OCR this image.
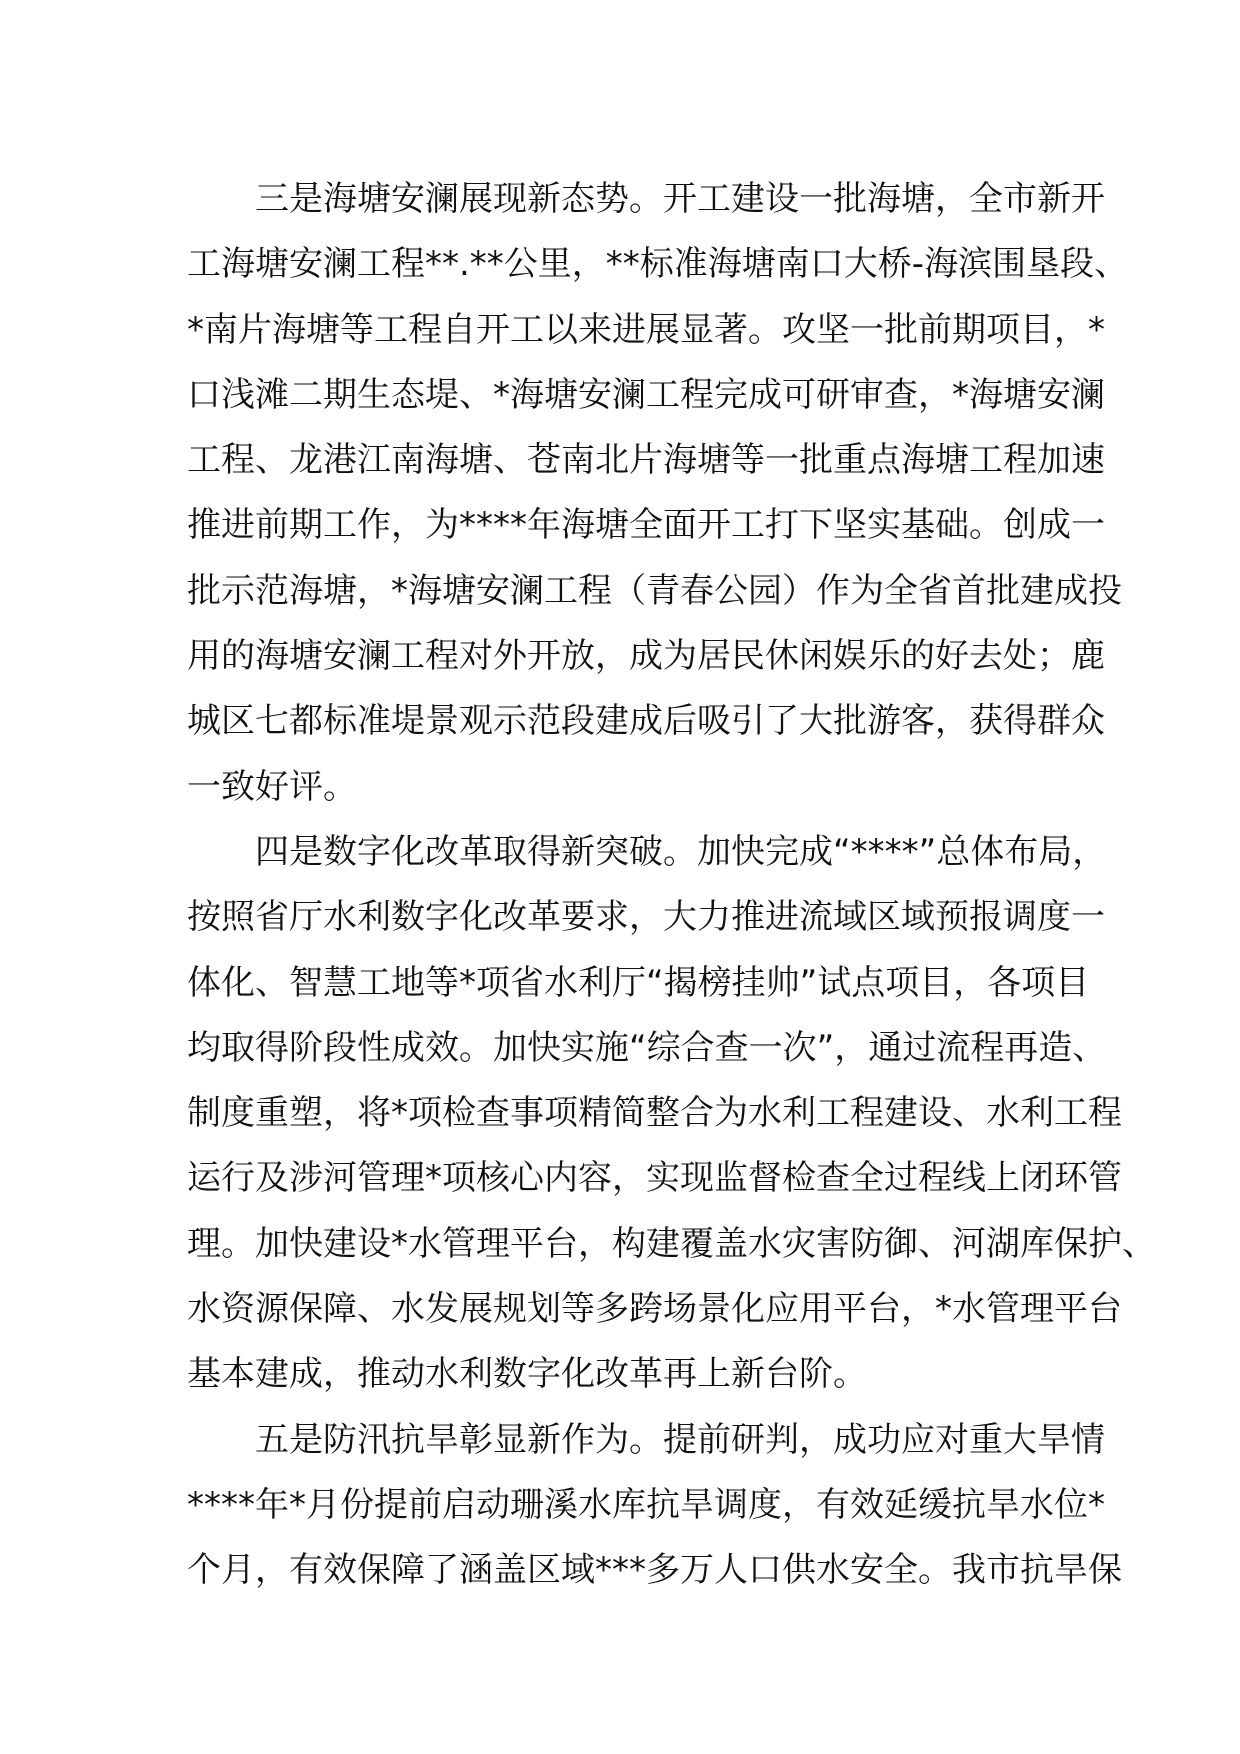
三是海塘安澜展现新态势。开工建设一批海塘，全市新开
工海塘安澜工程**.**公里，**标准海塘南口大桥-海滨围垦段、
*南片海塘等工程自开工以来进展显著。攻坚一批前期项目，*
口浅滩二期生态堤、*海塘安澜工程完成可研审查，*海塘安澜
工程、龙港江南海塘、苍南北片海塘等一批重点海塘工程加速
推进前期工作，为****年海塘全面开工打下坚实基础。创成一
批示范海塘，*海塘安澜工程（青春公园）作为全省首批建成投
用的海塘安澜工程对外开放，成为居民休闲娱乐的好去处；鹿
城区七都标准堤景观示范段建成后吸引了大批游客，获得群众
一致好评。
四是数字化改革取得新突破。加快完成“****”总体布局，
按照省厅水利数字化改革要求，大力推进流域区域预报调度一
体化、智慧工地等*项省水利厅“揭榜挂帅”试点项目，各项目
均取得阶段性成效。加快实施“综合查一次”，通过流程再造、
制度重塑，将*项检查事项精简整合为水利工程建设、水利工程
运行及涉河管理*项核心内容，实现监督检查全过程线上闭环管
理。加快建设*水管理平台，构建覆盖水灾害防御、河湖库保护、
水资源保障、水发展规划等多跨场景化应用平台，*水管理平台
基本建成，推动水利数字化改革再上新台阶。
五是防汛抗旱彰显新作为。提前研判，成功应对重大旱情
****年*月份提前启动珊溪水库抗旱调度，有效延缓抗旱水位*
个月，有效保障了涵盖区域***多万人口供水安全。我市抗旱保
